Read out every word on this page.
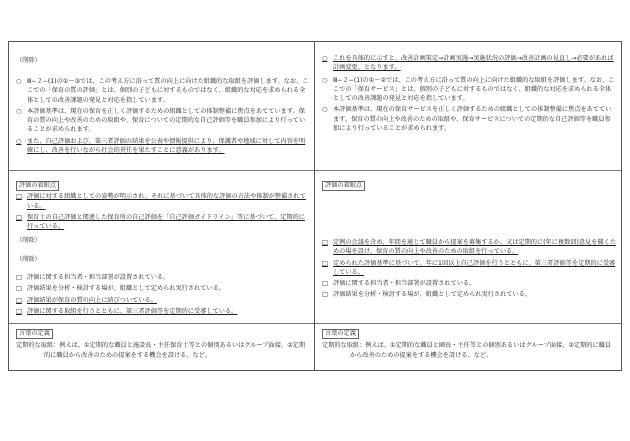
（削除）
○ Ⅲ−２−(1)の①〜③では、この考え方に沿って質の向上に向けた組織的な取組を評価します。なお、ここでの「保育の質の評価」とは、個別の子どもに対するものではなく、組織的な対応を求められる全体としての改善課題の発見と対応を指しています。
○ 本評価基準は、現在の保育を正しく評価するための組織としての体制整備に焦点をあてています。保育の質の向上や改善のための取組や、保育についての定期的な自己評価等を職員参加により行っていることが求められます。
○ また、自己評価および、第三者評価の結果を公表や情報提供により、保護者や地域に対して内容を明確にし、改善を行いながら社会的責任を果たすことに意義があります。
評価の着眼点
□ 評価に対する組織としての姿勢が明示され、それに基づいて具体的な評価の方法や体制が整備されている。
□ 保育士の自己評価と関連した保育所の自己評価を「自己評価ガイドライン」等に基づいて、定期的に行っている。
（削除）
（削除）
□ 評価に関する担当者・担当部署が設置されている。
□ 評価結果を分析・検討する場が、組織として定められ実行されている。
□ 評価結果が保育の質の向上に結びついている。
□ 評価に関する取組を行うとともに、第三者評価等を定期的に受審している。
言葉の定義
定期的な取組：例えば、①定期的な職員と施設長・主任保育士等との個別あるいはグループ面接、②定期的に職員から改善のための提案をする機会を設ける、など。
○ これを具体的に示すと、改善計画策定→計画実施→実施状況の評価→改善計画の見直し→必要があれば計画変更、となります。
○ Ⅲ−２−(1)の①〜②では、この考え方に沿って質の向上に向けた組織的な取組を評価します。なお、ここでの「保育サービス」とは、個別の子どもに対するものではなく、組織的な対応を求められる全体としての改善課題の発見と対応を指しています。
○ 本評価基準は、現在の保育サービスを正しく評価するための組織としての体制整備に焦点をあてています。保育の質の向上や改善のための取組や、保育サービスについての定期的な自己評価等を職員参加により行っていることが求められます。
評価の着眼点
□ 定例の会議を含め、年間を通じて職員から提案を募集するか、又は定期的に(年に複数回)意見を聞くための場を設け、保育の質の向上や改善のための取組を行っている。
□ 定められた評価基準に基づいて、年に1回以上自己評価を行うとともに、第三者評価等を定期的に受審している。
□ 評価に関する担当者・担当部署が設置されている。
□ 評価結果を分析・検討する場が、組織として定められ実行されている。
言葉の定義
定期的な取組：例えば、①定期的な職員と園長・主任等との個別あるいはグループ面接、②定期的に職員から改善のための提案をする機会を設ける、など。
